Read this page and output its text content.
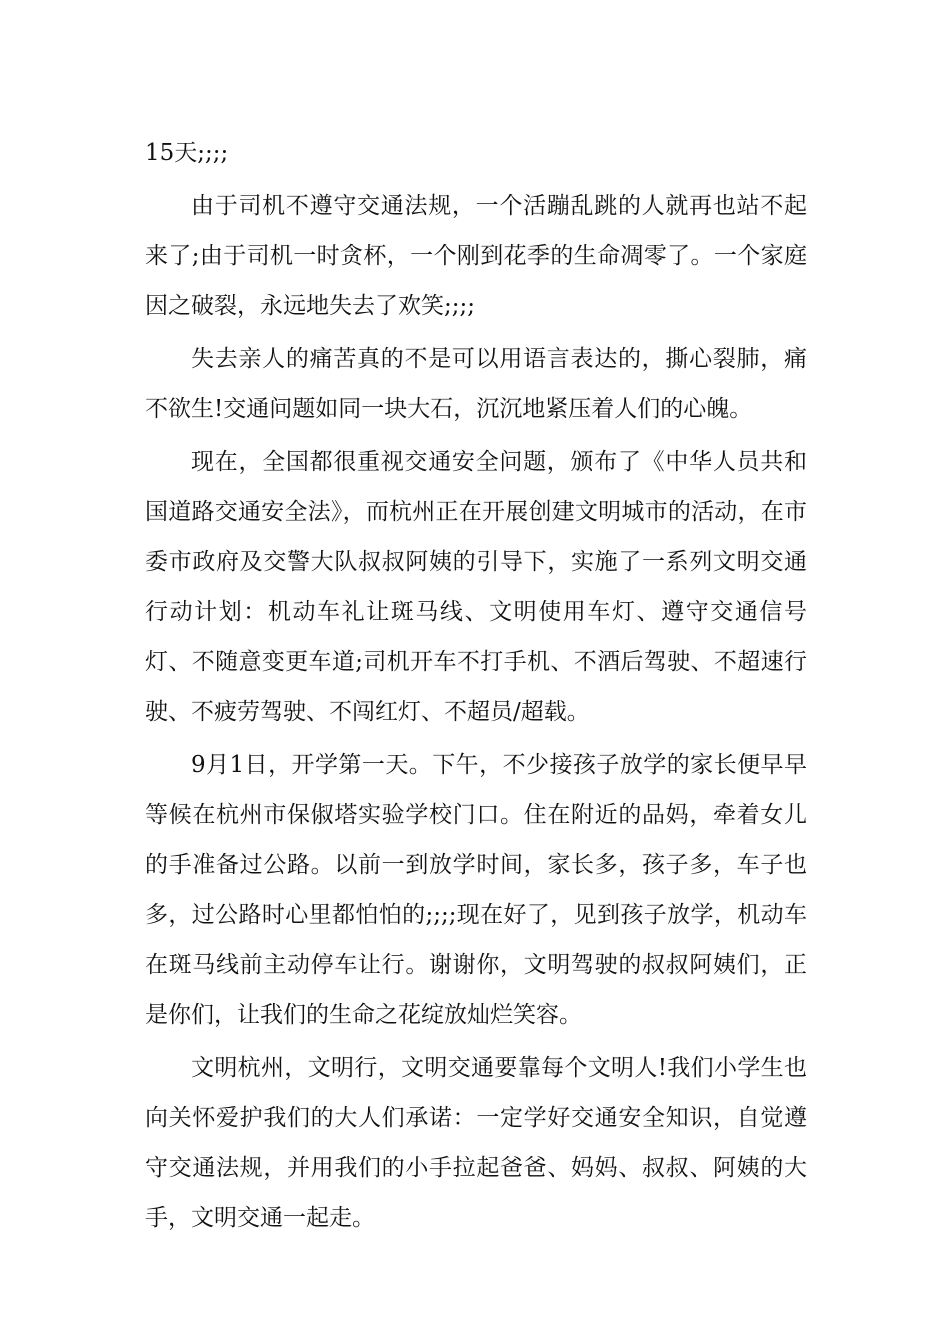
15天;;;;

由于司机不遵守交通法规，一个活蹦乱跳的人就再也站不起来了;由于司机一时贪杯，一个刚到花季的生命凋零了。一个家庭因之破裂，永远地失去了欢笑;;;;

失去亲人的痛苦真的不是可以用语言表达的，撕心裂肺，痛不欲生!交通问题如同一块大石，沉沉地紧压着人们的心魄。

现在，全国都很重视交通安全问题，颁布了《中华人员共和国道路交通安全法》，而杭州正在开展创建文明城市的活动，在市委市政府及交警大队叔叔阿姨的引导下，实施了一系列文明交通行动计划：机动车礼让斑马线、文明使用车灯、遵守交通信号灯、不随意变更车道;司机开车不打手机、不酒后驾驶、不超速行驶、不疲劳驾驶、不闯红灯、不超员/超载。

9月1日，开学第一天。下午，不少接孩子放学的家长便早早等候在杭州市保俶塔实验学校门口。住在附近的品妈，牵着女儿的手准备过公路。以前一到放学时间，家长多，孩子多，车子也多，过公路时心里都怕怕的;;;;现在好了，见到孩子放学，机动车在斑马线前主动停车让行。谢谢你，文明驾驶的叔叔阿姨们，正是你们，让我们的生命之花绽放灿烂笑容。

文明杭州，文明行，文明交通要靠每个文明人!我们小学生也向关怀爱护我们的大人们承诺：一定学好交通安全知识，自觉遵守交通法规，并用我们的小手拉起爸爸、妈妈、叔叔、阿姨的大手，文明交通一起走。
